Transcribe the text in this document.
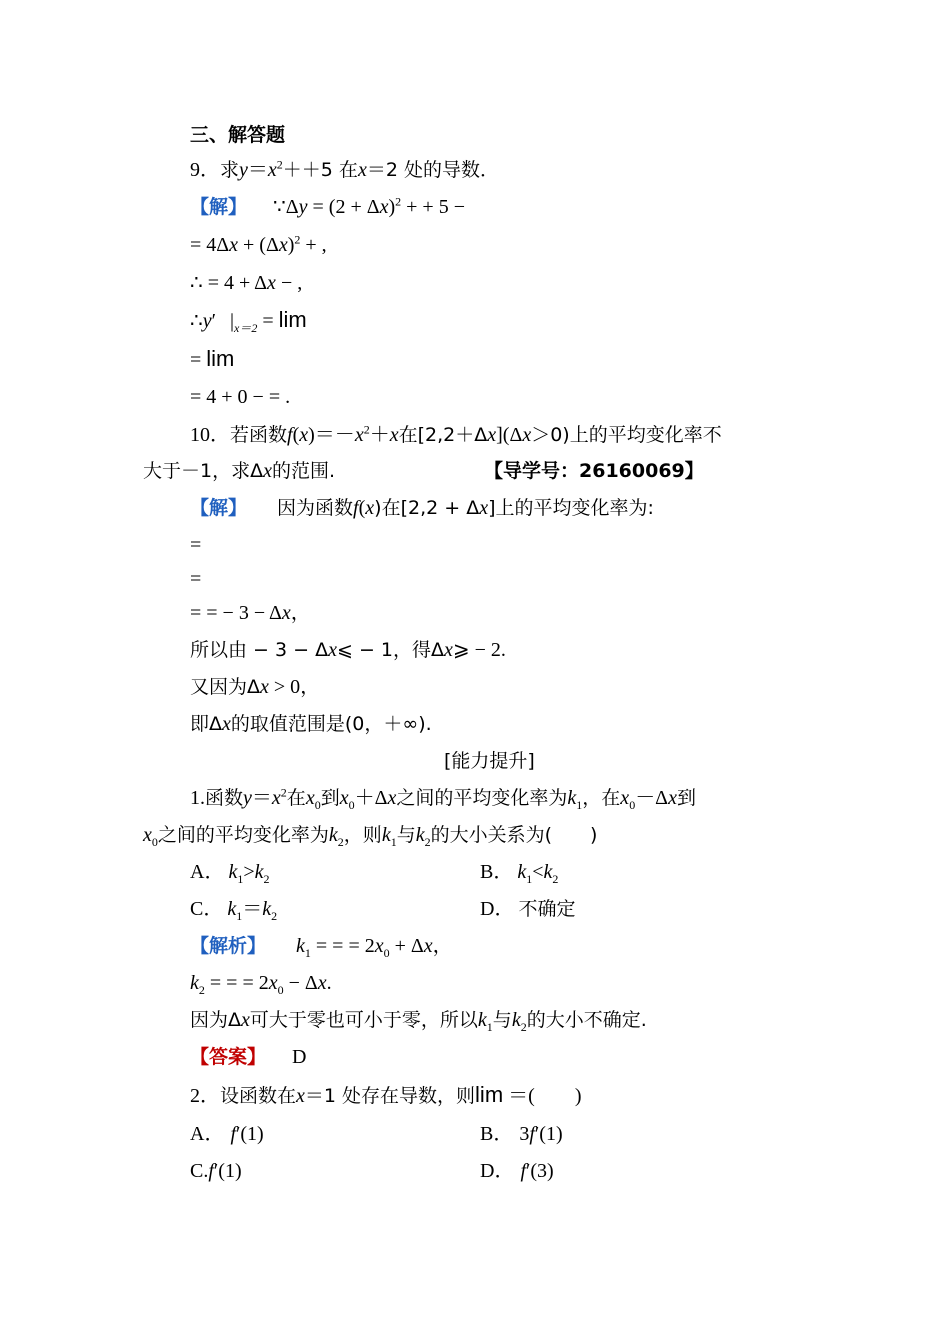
三、解答题
9．求$y=x^2++5$ 在x＝2 处的导数．
【解】 ∵Δy = $(2 + \Delta x)^2$ + + 5 −
= $4\Delta x + (\Delta x)^2$ + ,
∴ = 4 + Δx − ,
∴y′ $|_{x=2} = \lim$
= lim
= 4 + 0 − = .
10．若函数$f(x)=-x^2+x$在[2,2＋Δx](Δx＞0)上的平均变化率不
大于－1，求Δx的范围.	【导学号：26160069】
【解】 因为函数f(x)在[2,2 + Δx]上的平均变化率为:
=
=
= = − 3 − Δx，
所以由 − 3 − Δx⩽ − 1，得Δx⩾ − 2.
又因为Δx > 0，
即Δx的取值范围是(0，＋∞).
[能力提升]
1.函数$y=x^2$在$x_0$到$x_0+\Delta x$之间的平均变化率为$k_1$，在$x_0-\Delta x$到
$x_0$之间的平均变化率为$k_2$，则$k_1$与$k_2$的大小关系为(　　)
A． $k_1>k_2$	B． $k_1<k_2$
C． $k_1=k_2$	D． 不确定
【解析】 $k_1$ = = = $2x_0 + \Delta x$，
$k_2$ = = = $2x_0 - \Delta x$.
因为Δx可大于零也可小于零，所以$k_1$与$k_2$的大小不确定.
【答案】 D
2．设函数在x＝1 处存在导数，则lim ＝(　　)
A． f′(1)	B． 3f′(1)
C.f′(1)	D． f′(3)
